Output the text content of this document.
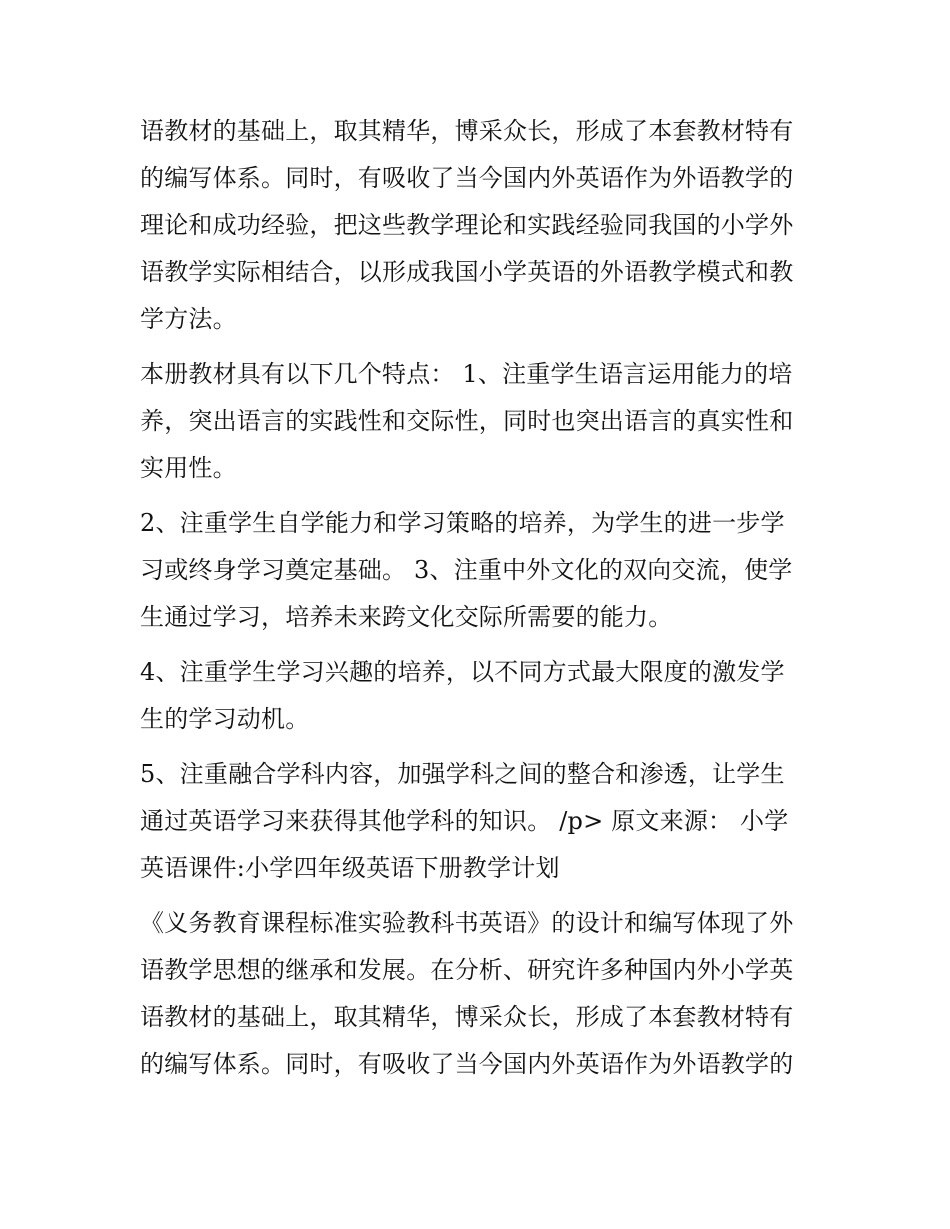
语教材的基础上，取其精华，博采众长，形成了本套教材特有
的编写体系。同时，有吸收了当今国内外英语作为外语教学的
理论和成功经验，把这些教学理论和实践经验同我国的小学外
语教学实际相结合，以形成我国小学英语的外语教学模式和教
学方法。
本册教材具有以下几个特点： 1、注重学生语言运用能力的培
养，突出语言的实践性和交际性，同时也突出语言的真实性和
实用性。
2、注重学生自学能力和学习策略的培养，为学生的进一步学
习或终身学习奠定基础。 3、注重中外文化的双向交流，使学
生通过学习，培养未来跨文化交际所需要的能力。
4、注重学生学习兴趣的培养，以不同方式最大限度的激发学
生的学习动机。
5、注重融合学科内容，加强学科之间的整合和渗透，让学生
通过英语学习来获得其他学科的知识。 /p> 原文来源： 小学
英语课件:小学四年级英语下册教学计划
《义务教育课程标准实验教科书英语》的设计和编写体现了外
语教学思想的继承和发展。在分析、研究许多种国内外小学英
语教材的基础上，取其精华，博采众长，形成了本套教材特有
的编写体系。同时，有吸收了当今国内外英语作为外语教学的
